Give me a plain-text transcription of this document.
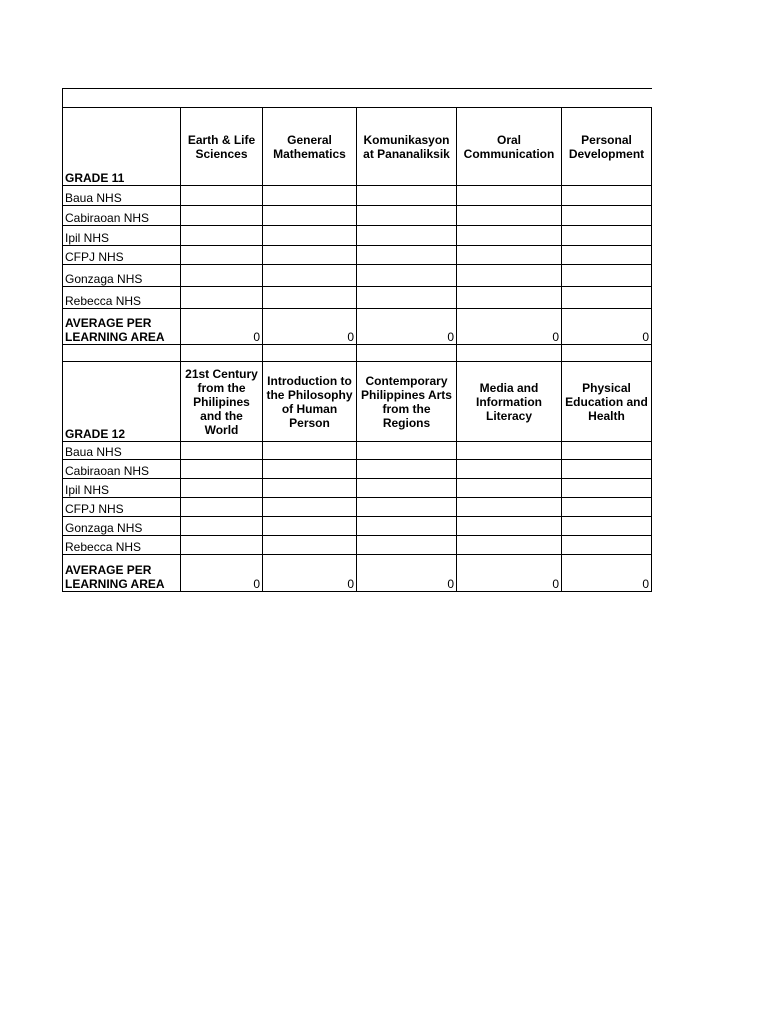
GRADE 11	Earth & Life Sciences	General Mathematics	Komunikasyon at Pananaliksik	Oral Communication	Personal Development
Baua NHS					
Cabiraoan NHS					
Ipil NHS					
CFPJ NHS					
Gonzaga NHS					
Rebecca NHS					
AVERAGE PER LEARNING AREA	0	0	0	0	0

GRADE 12	21st Century from the Philipines and the World	Introduction to the Philosophy of Human Person	Contemporary Philippines Arts from the Regions	Media and Information Literacy	Physical Education and Health
Baua NHS					
Cabiraoan NHS					
Ipil NHS					
CFPJ NHS					
Gonzaga NHS					
Rebecca NHS					
AVERAGE PER LEARNING AREA	0	0	0	0	0
